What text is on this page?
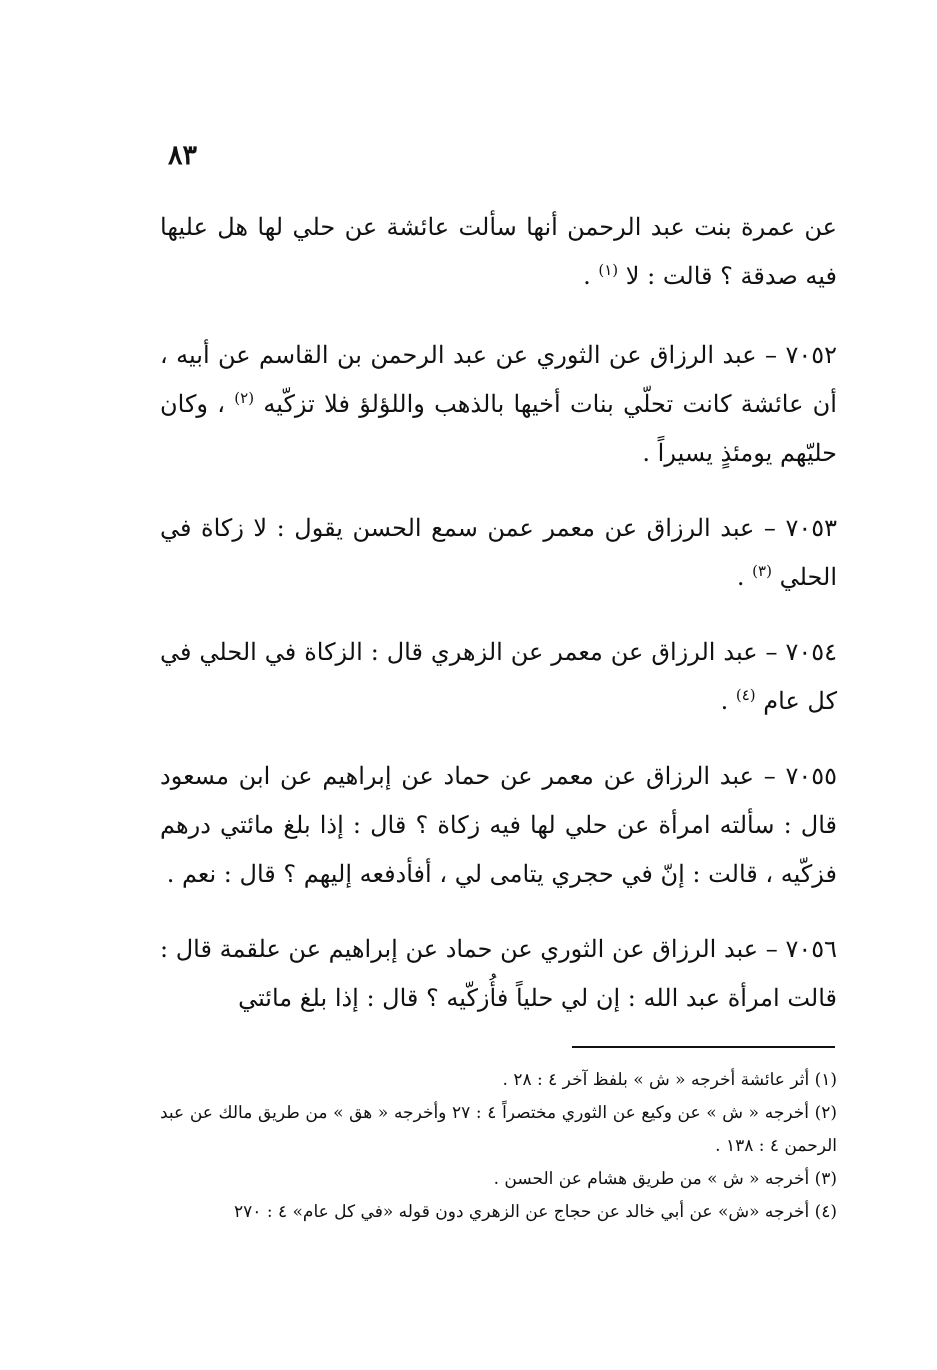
٨٣

عن عمرة بنت عبد الرحمن أنها سألت عائشة عن حلي لها هل عليها فيه صدقة ؟ قالت : لا $^{(١)}$ .

٧٠٥٢ – عبد الرزاق عن الثوري عن عبد الرحمن بن القاسم عن أبيه ، أن عائشة كانت تحلّي بنات أخيها بالذهب واللؤلؤ فلا تزكّيه $^{(٢)}$ ، وكان حليّهم يومئذٍ يسيراً .

٧٠٥٣ – عبد الرزاق عن معمر عمن سمع الحسن يقول : لا زكاة في الحلي $^{(٣)}$ .

٧٠٥٤ – عبد الرزاق عن معمر عن الزهري قال : الزكاة في الحلي في كل عام $^{(٤)}$ .

٧٠٥٥ – عبد الرزاق عن معمر عن حماد عن إبراهيم عن ابن مسعود قال : سألته امرأة عن حلي لها فيه زكاة ؟ قال : إذا بلغ مائتي درهم فزكّيه ، قالت : إنّ في حجري يتامى لي ، أفأدفعه إليهم ؟ قال : نعم .

٧٠٥٦ – عبد الرزاق عن الثوري عن حماد عن إبراهيم عن علقمة قال : قالت امرأة عبد الله : إن لي حلياً فأُزكّيه ؟ قال : إذا بلغ مائتي

(١) أثر عائشة أخرجه « ش » بلفظ آخر ٤ : ٢٨ .

(٢) أخرجه « ش » عن وكيع عن الثوري مختصراً ٤ : ٢٧ وأخرجه « هق » من طريق مالك عن عبد الرحمن ٤ : ١٣٨ .

(٣) أخرجه « ش » من طريق هشام عن الحسن .

(٤) أخرجه «ش» عن أبي خالد عن حجاج عن الزهري دون قوله «في كل عام» ٤ : ٢٧٠
